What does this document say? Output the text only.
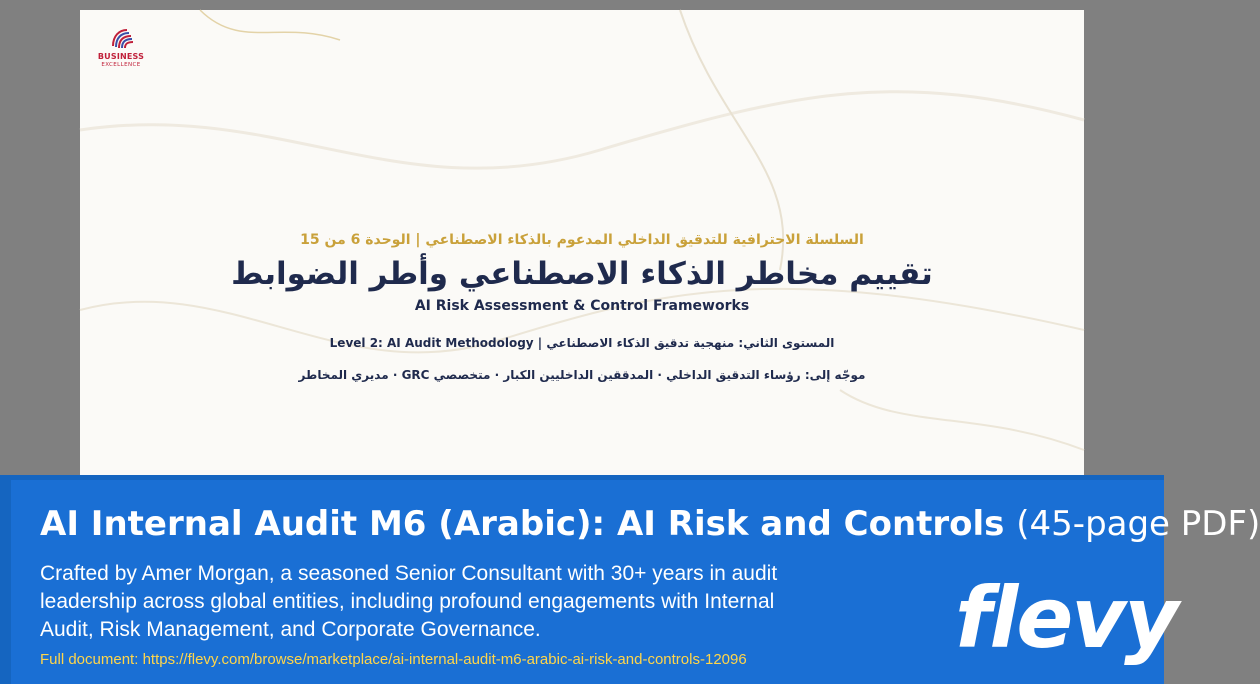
BUSINESS
EXCELLENCE

السلسلة الاحترافية للتدقيق الداخلي المدعوم بالذكاء الاصطناعي | الوحدة 6 من 15

تقييم مخاطر الذكاء الاصطناعي وأطر الضوابط

AI Risk Assessment & Control Frameworks

المستوى الثاني: منهجية تدقيق الذكاء الاصطناعي | Level 2: AI Audit Methodology

موجّه إلى: رؤساء التدقيق الداخلي · المدققين الداخليين الكبار · متخصصي GRC · مديري المخاطر

AI Internal Audit M6 (Arabic): AI Risk and Controls (45-page PDF)

Crafted by Amer Morgan, a seasoned Senior Consultant with 30+ years in audit leadership across global entities, including profound engagements with Internal Audit, Risk Management, and Corporate Governance.

Full document: https://flevy.com/browse/marketplace/ai-internal-audit-m6-arabic-ai-risk-and-controls-12096 flevy
